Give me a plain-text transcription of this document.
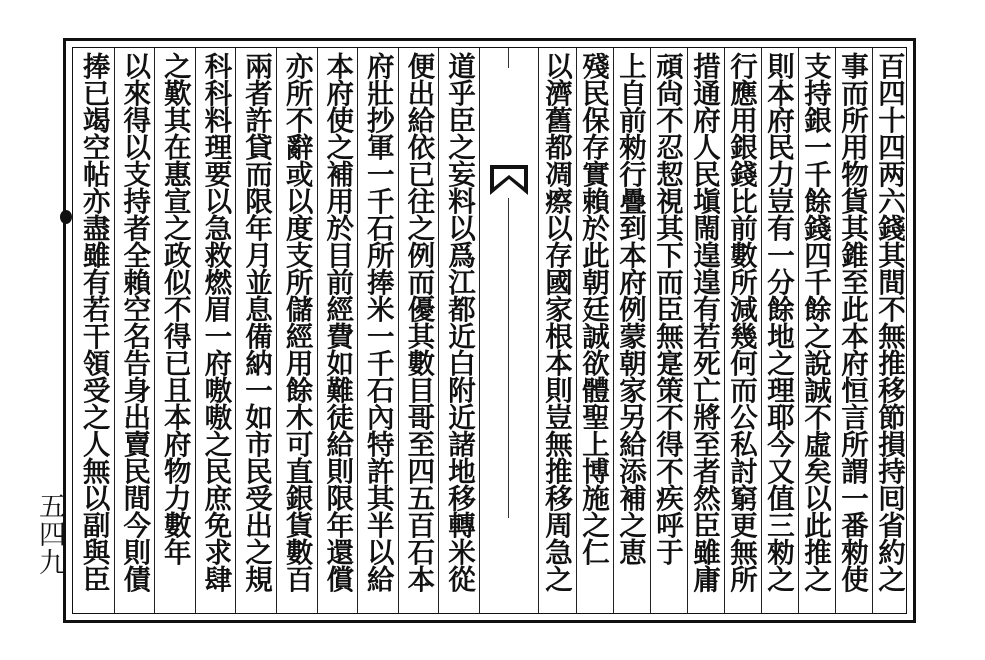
五四九	百四十四两六錢其間不無推移節損持囘省約之
事而所用物貨其錐至此本府恒言所謂一番勑使
支持銀一千餘錢四千餘之說誠不虛矣以此推之
則本府民力豈有一分餘地之理耶今又值三勑之
行應用銀錢比前數所減幾何而公私討窮更無所
措通府人民塡閙遑遑有若死亡將至者然臣雖庸
頑尙不忍恝視其下而臣無寔策不得不疾呼于
上自前勑行疊到本府例蒙朝家另給添補之恵
殘民保存實賴於此朝廷誠欲體聖上博施之仁
道乎臣之妄料以爲江都近白附近諸地移轉米從
便出給依已往之例而優其數目哥至四五百石本
府壯抄軍一千石所捧米一千石內特許其半以給
本府使之補用於目前經費如難徒給則限年還償
亦所不辭或以度支所儲經用餘木可直銀貨數百
兩者許貸而限年月並息備納一如市民受出之規
科科料理要以急救燃眉一府嗷嗷之民庶免求肆
之歎其在惠宣之政似不得已且本府物力數年
以來得以支持者全賴空名告身出賣民間今則債
捧已竭空帖亦盡雖有若干領受之人無以副與臣	以濟舊都凋瘵以存國家根本則豈無推移周急之
